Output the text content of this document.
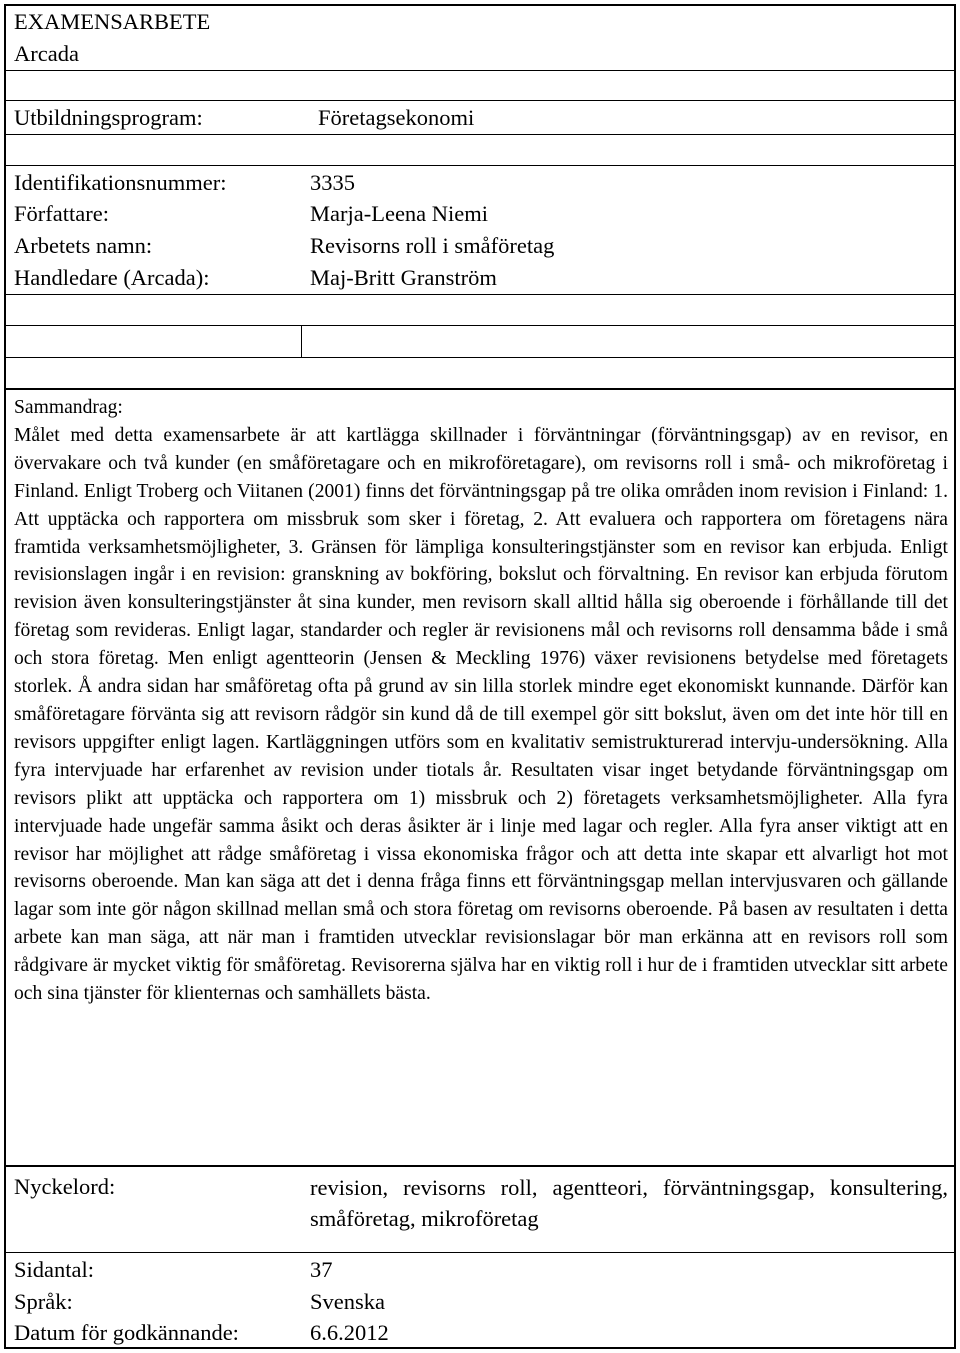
EXAMENSARBETE
Arcada
Utbildningsprogram:	Företagsekonomi
Identifikationsnummer:	3335
Författare:	Marja-Leena Niemi
Arbetets namn:	Revisorns roll i småföretag
Handledare (Arcada):	Maj-Britt Granström

Sammandrag:

Målet med detta examensarbete är att kartlägga skillnader i förväntningar (förväntningsgap) av en revisor, en övervakare och två kunder (en småföretagare och en mikroföretagare), om revisorns roll i små- och mikroföretag i Finland. Enligt Troberg och Viitanen (2001) finns det förväntningsgap på tre olika områden inom revision i Finland: 1. Att upptäcka och rapportera om missbruk som sker i företag, 2. Att evaluera och rapportera om företagens nära framtida verksamhetsmöjligheter, 3. Gränsen för lämpliga konsulteringstjänster som en revisor kan erbjuda. Enligt revisionslagen ingår i en revision: granskning av bokföring, bokslut och förvaltning. En revisor kan erbjuda förutom revision även konsulteringstjänster åt sina kunder, men revisorn skall alltid hålla sig oberoende i förhållande till det företag som revideras. Enligt lagar, standarder och regler är revisionens mål och revisorns roll densamma både i små och stora företag. Men enligt agentteorin (Jensen & Meckling 1976) växer revisionens betydelse med företagets storlek. Å andra sidan har småföretag ofta på grund av sin lilla storlek mindre eget ekonomiskt kunnande. Därför kan småföretagare förvänta sig att revisorn rådgör sin kund då de till exempel gör sitt bokslut, även om det inte hör till en revisors uppgifter enligt lagen. Kartläggningen utförs som en kvalitativ semistrukturerad intervju-undersökning. Alla fyra intervjuade har erfarenhet av revision under tiotals år. Resultaten visar inget betydande förväntningsgap om revisors plikt att upptäcka och rapportera om 1) missbruk och 2) företagets verksamhetsmöjligheter. Alla fyra intervjuade hade ungefär samma åsikt och deras åsikter är i linje med lagar och regler. Alla fyra anser viktigt att en revisor har möjlighet att rådge småföretag i vissa ekonomiska frågor och att detta inte skapar ett alvarligt hot mot revisorns oberoende. Man kan säga att det i denna fråga finns ett förväntningsgap mellan intervjusvaren och gällande lagar som inte gör någon skillnad mellan små och stora företag om revisorns oberoende. På basen av resultaten i detta arbete kan man säga, att när man i framtiden utvecklar revisionslagar bör man erkänna att en revisors roll som rådgivare är mycket viktig för småföretag. Revisorerna själva har en viktig roll i hur de i framtiden utvecklar sitt arbete och sina tjänster för klienternas och samhällets bästa.

Nyckelord:	revision, revisorns roll, agentteori, förväntningsgap, konsultering, småföretag, mikroföretag
Sidantal:	37
Språk:	Svenska
Datum för godkännande:	6.6.2012
